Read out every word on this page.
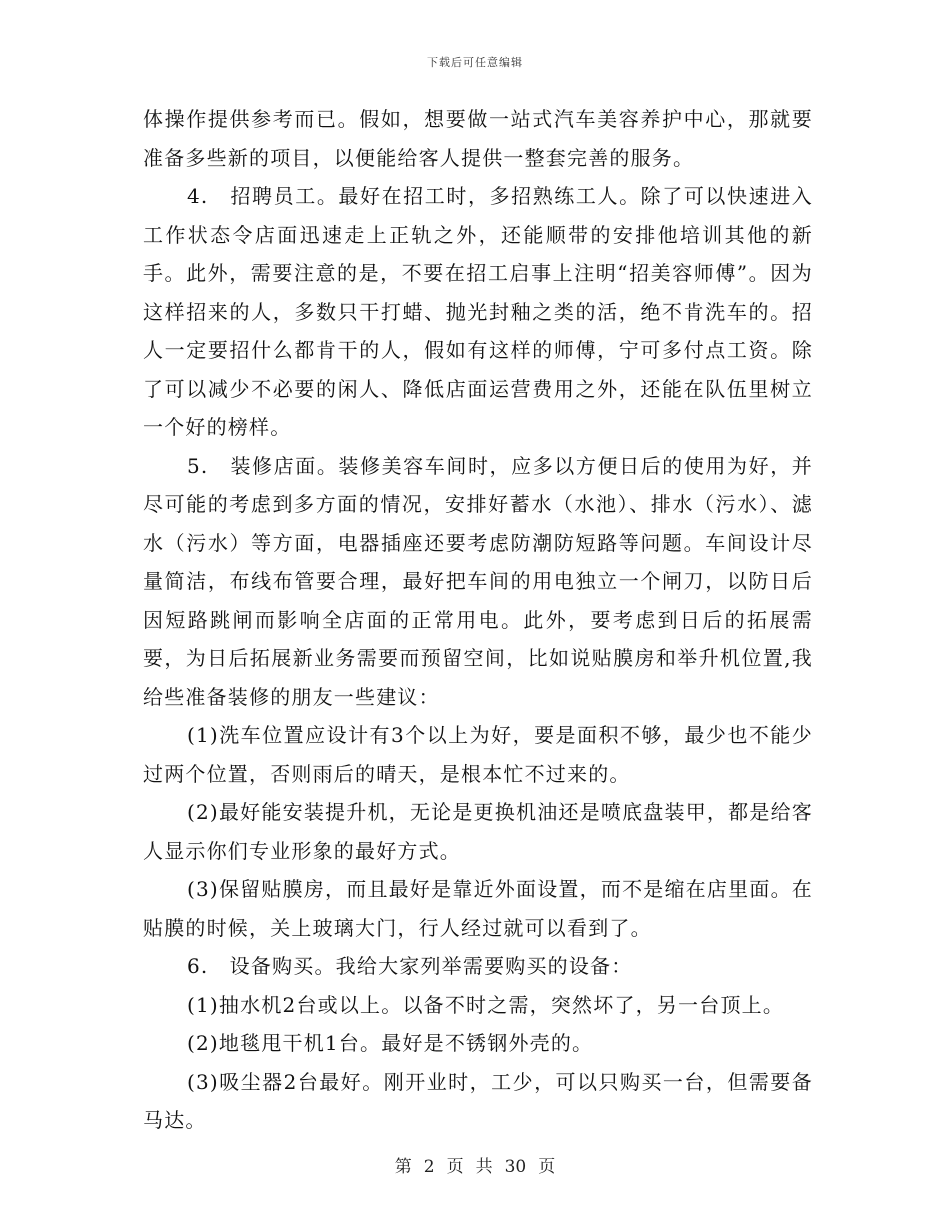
下载后可任意编辑

体操作提供参考而已。假如，想要做一站式汽车美容养护中心，那就要准备多些新的项目，以便能给客人提供一整套完善的服务。

4.　招聘员工。最好在招工时，多招熟练工人。除了可以快速进入工作状态令店面迅速走上正轨之外，还能顺带的安排他培训其他的新手。此外，需要注意的是，不要在招工启事上注明“招美容师傅”。因为这样招来的人，多数只干打蜡、抛光封釉之类的活，绝不肯洗车的。招人一定要招什么都肯干的人，假如有这样的师傅，宁可多付点工资。除了可以减少不必要的闲人、降低店面运营费用之外，还能在队伍里树立一个好的榜样。

5.　装修店面。装修美容车间时，应多以方便日后的使用为好，并尽可能的考虑到多方面的情况，安排好蓄水（水池）、排水（污水）、滤水（污水）等方面，电器插座还要考虑防潮防短路等问题。车间设计尽量简洁，布线布管要合理，最好把车间的用电独立一个闸刀，以防日后因短路跳闸而影响全店面的正常用电。此外，要考虑到日后的拓展需要，为日后拓展新业务需要而预留空间，比如说贴膜房和举升机位置,我给些准备装修的朋友一些建议：

(1)洗车位置应设计有3个以上为好，要是面积不够，最少也不能少过两个位置，否则雨后的晴天，是根本忙不过来的。

(2)最好能安装提升机，无论是更换机油还是喷底盘装甲，都是给客人显示你们专业形象的最好方式。

(3)保留贴膜房，而且最好是靠近外面设置，而不是缩在店里面。在贴膜的时候，关上玻璃大门，行人经过就可以看到了。

6.　设备购买。我给大家列举需要购买的设备：

(1)抽水机2台或以上。以备不时之需，突然坏了，另一台顶上。

(2)地毯甩干机1台。最好是不锈钢外壳的。

(3)吸尘器2台最好。刚开业时，工少，可以只购买一台，但需要备马达。

第 2 页 共 30 页
